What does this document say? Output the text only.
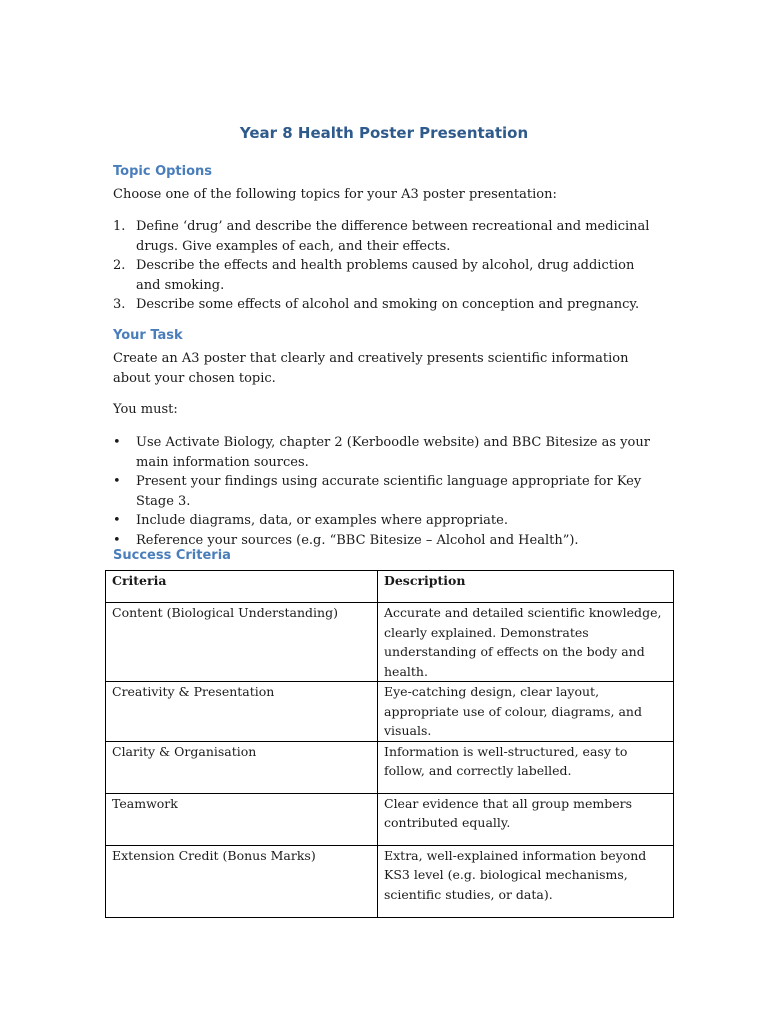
Year 8 Health Poster Presentation
Topic Options

Choose one of the following topics for your A3 poster presentation:

1. Define ‘drug’ and describe the difference between recreational and medicinal drugs. Give examples of each, and their effects.
2. Describe the effects and health problems caused by alcohol, drug addiction and smoking.
3. Describe some effects of alcohol and smoking on conception and pregnancy.
Your Task

Create an A3 poster that clearly and creatively presents scientific information about your chosen topic.

You must:

• Use Activate Biology, chapter 2 (Kerboodle website) and BBC Bitesize as your main information sources.
• Present your findings using accurate scientific language appropriate for Key Stage 3.
• Include diagrams, data, or examples where appropriate.
• Reference your sources (e.g. “BBC Bitesize – Alcohol and Health”).
Success Criteria
Criteria	Description
Content (Biological Understanding)	Accurate and detailed scientific knowledge, clearly explained. Demonstrates understanding of effects on the body and health.
Creativity & Presentation	Eye-catching design, clear layout, appropriate use of colour, diagrams, and visuals.
Clarity & Organisation	Information is well-structured, easy to follow, and correctly labelled.
Teamwork	Clear evidence that all group members contributed equally.
Extension Credit (Bonus Marks)	Extra, well-explained information beyond KS3 level (e.g. biological mechanisms, scientific studies, or data).
